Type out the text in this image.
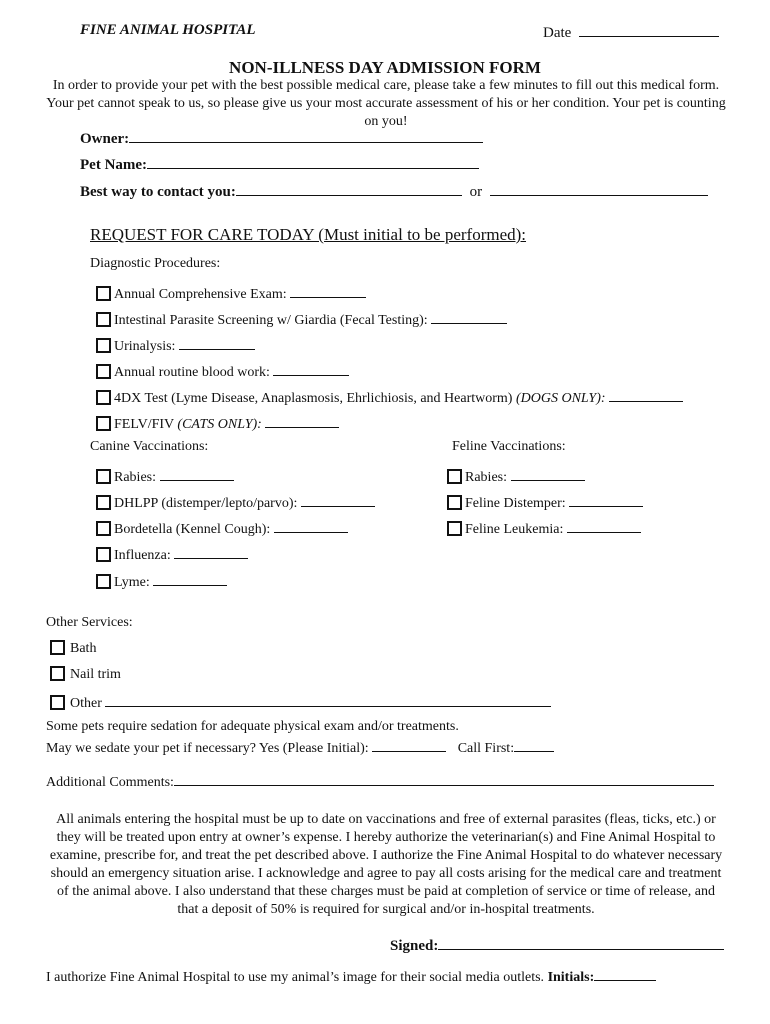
FINE ANIMAL HOSPITAL	Date
NON-ILLNESS DAY ADMISSION FORM
In order to provide your pet with the best possible medical care, please take a few minutes to fill out this medical form. Your pet cannot speak to us, so please give us your most accurate assessment of his or her condition. Your pet is counting on you!
Owner:
Pet Name:
Best way to contact you:	or
REQUEST FOR CARE TODAY (Must initial to be performed):
Diagnostic Procedures:
Annual Comprehensive Exam:
Intestinal Parasite Screening w/ Giardia (Fecal Testing):
Urinalysis:
Annual routine blood work:
4DX Test (Lyme Disease, Anaplasmosis, Ehrlichiosis, and Heartworm) (DOGS ONLY):
FELV/FIV (CATS ONLY):
Canine Vaccinations:	Feline Vaccinations:
Rabies:
DHLPP (distemper/lepto/parvo):
Bordetella (Kennel Cough):
Influenza:
Lyme:
Rabies:
Feline Distemper:
Feline Leukemia:
Other Services:
Bath
Nail trim
Other
Some pets require sedation for adequate physical exam and/or treatments.
May we sedate your pet if necessary? Yes (Please Initial):	Call First:
Additional Comments:
All animals entering the hospital must be up to date on vaccinations and free of external parasites (fleas, ticks, etc.) or they will be treated upon entry at owner’s expense. I hereby authorize the veterinarian(s) and Fine Animal Hospital to examine, prescribe for, and treat the pet described above. I authorize the Fine Animal Hospital to do whatever necessary should an emergency situation arise. I acknowledge and agree to pay all costs arising for the medical care and treatment of the animal above. I also understand that these charges must be paid at completion of service or time of release, and that a deposit of 50% is required for surgical and/or in-hospital treatments.
Signed:
I authorize Fine Animal Hospital to use my animal’s image for their social media outlets. Initials:
